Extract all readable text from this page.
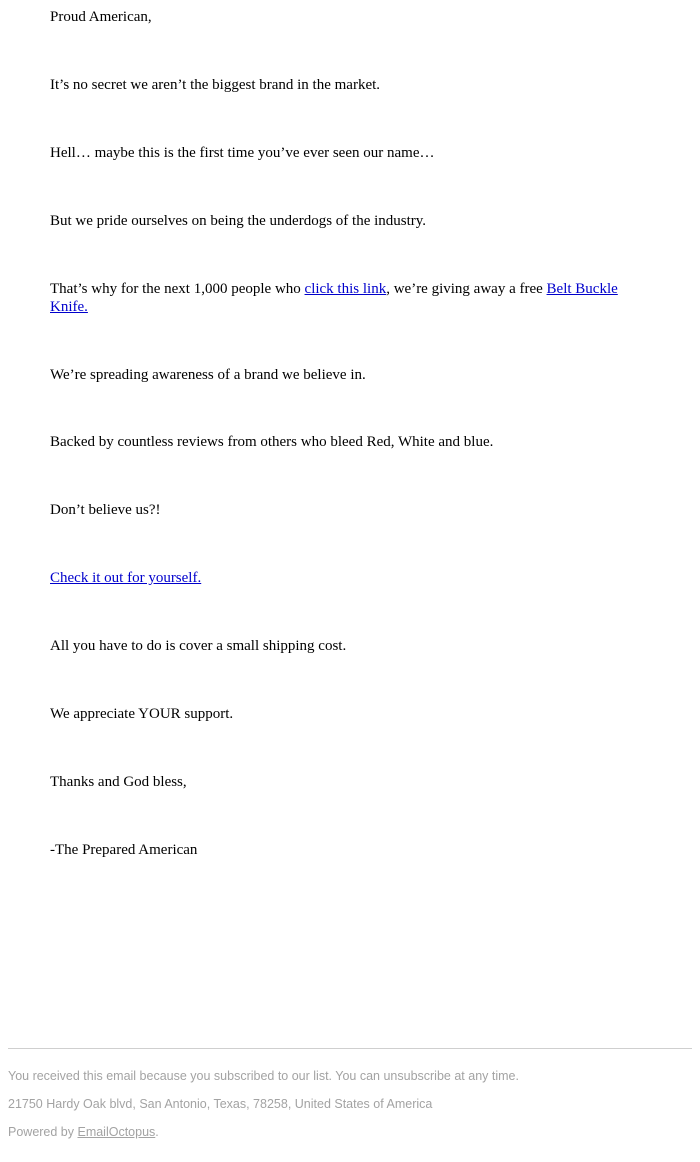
Proud American,

It’s no secret we aren’t the biggest brand in the market.

Hell… maybe this is the first time you’ve ever seen our name…

But we pride ourselves on being the underdogs of the industry.

That’s why for the next 1,000 people who click this link, we’re giving away a free Belt Buckle Knife.

We’re spreading awareness of a brand we believe in.

Backed by countless reviews from others who bleed Red, White and blue.

Don’t believe us?!

Check it out for yourself.

All you have to do is cover a small shipping cost.

We appreciate YOUR support.

Thanks and God bless,

-The Prepared American

You received this email because you subscribed to our list. You can unsubscribe at any time.
21750 Hardy Oak blvd, San Antonio, Texas, 78258, United States of America
Powered by EmailOctopus.
